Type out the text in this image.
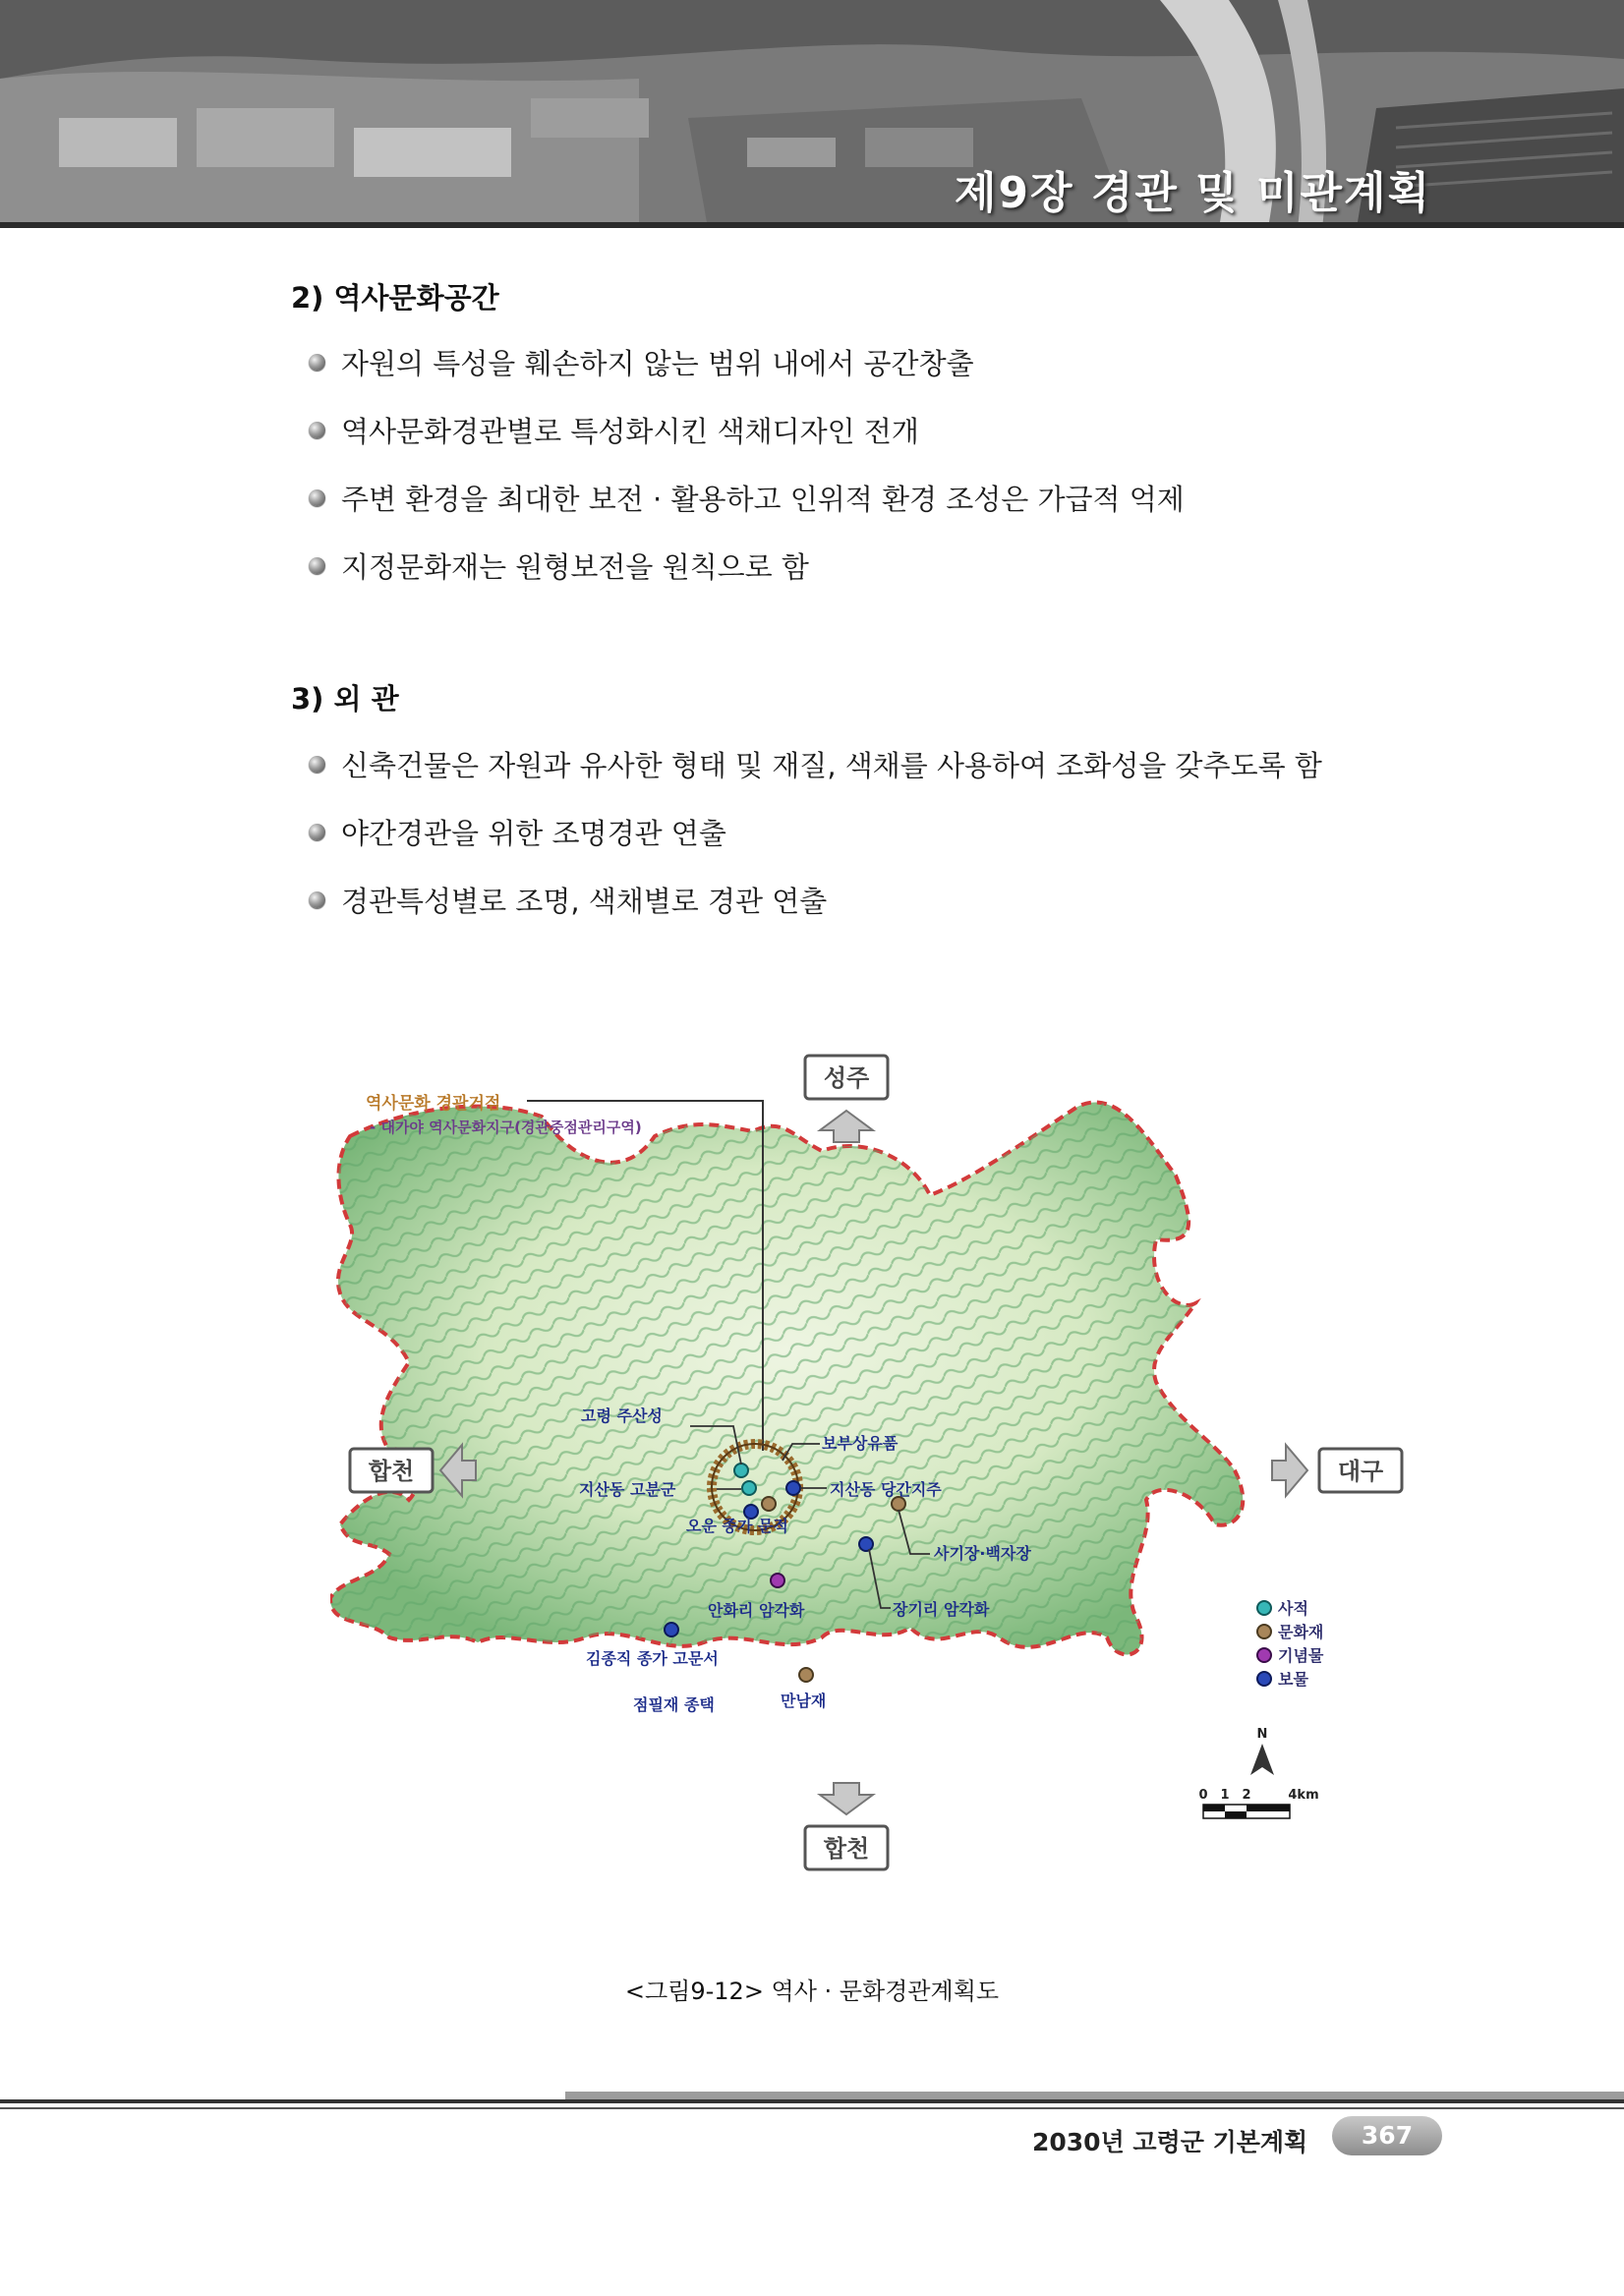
제9장 경관 및 미관계획
2) 역사문화공간
자원의 특성을 훼손하지 않는 범위 내에서 공간창출
역사문화경관별로 특성화시킨 색채디자인 전개
주변 환경을 최대한 보전 · 활용하고 인위적 환경 조성은 가급적 억제
지정문화재는 원형보전을 원칙으로 함
3) 외 관
신축건물은 자원과 유사한 형태 및 재질, 색채를 사용하여 조화성을 갖추도록 함
야간경관을 위한 조명경관 연출
경관특성별로 조명, 색채별로 경관 연출
성주
합천	대구
합천
역사문화 경관거점
- 대가야 역사문화지구(경관중점관리구역)
고령 주산성
보부상유품
지산동 고분군	지산동 당간지주
오운 종가 문적
사기장·백자장
장기리 암각화
안화리 암각화
김종직 종가 고문서
점필재 종택	만남재
사적
문화재
기념물
보물
N
0 1 2	4km
<그림9-12> 역사 · 문화경관계획도
2030년 고령군 기본계획	367
